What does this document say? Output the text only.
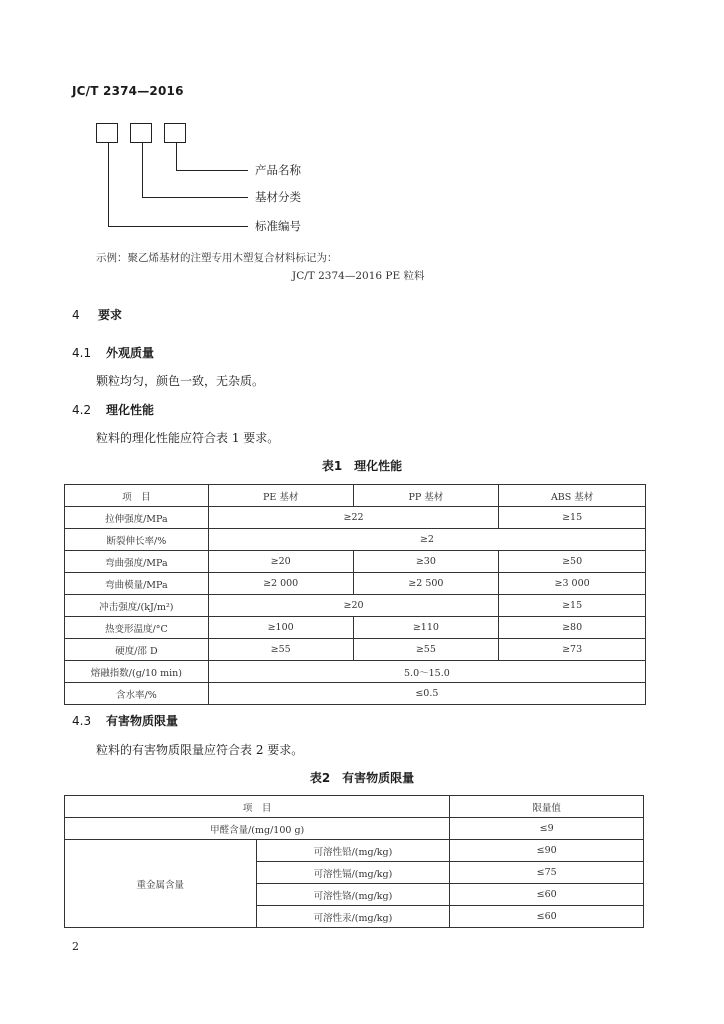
JC/T 2374—2016
产品名称
基材分类
标准编号
示例：聚乙烯基材的注塑专用木塑复合材料标记为：
JC/T 2374—2016 PE 粒料
4 要求
4.1 外观质量
颗粒均匀，颜色一致，无杂质。
4.2 理化性能
粒料的理化性能应符合表 1 要求。
表1　理化性能
项　目	PE 基材	PP 基材	ABS 基材
拉伸强度/MPa	≥22		≥15
断裂伸长率/%	≥2		
弯曲强度/MPa	≥20	≥30	≥50
弯曲模量/MPa	≥2 000	≥2 500	≥3 000
冲击强度/(kJ/m²)	≥20		≥15
热变形温度/°C	≥100	≥110	≥80
硬度/邵 D	≥55	≥55	≥73
熔融指数/(g/10 min)	5.0～15.0		
含水率/%	≤0.5		
4.3 有害物质限量
粒料的有害物质限量应符合表 2 要求。
表2　有害物质限量
项　目		限量值
甲醛含量/(mg/100 g)		≤9
重金属含量	可溶性铅/(mg/kg)	≤90
	可溶性镉/(mg/kg)	≤75
	可溶性铬/(mg/kg)	≤60
	可溶性汞/(mg/kg)	≤60
2
